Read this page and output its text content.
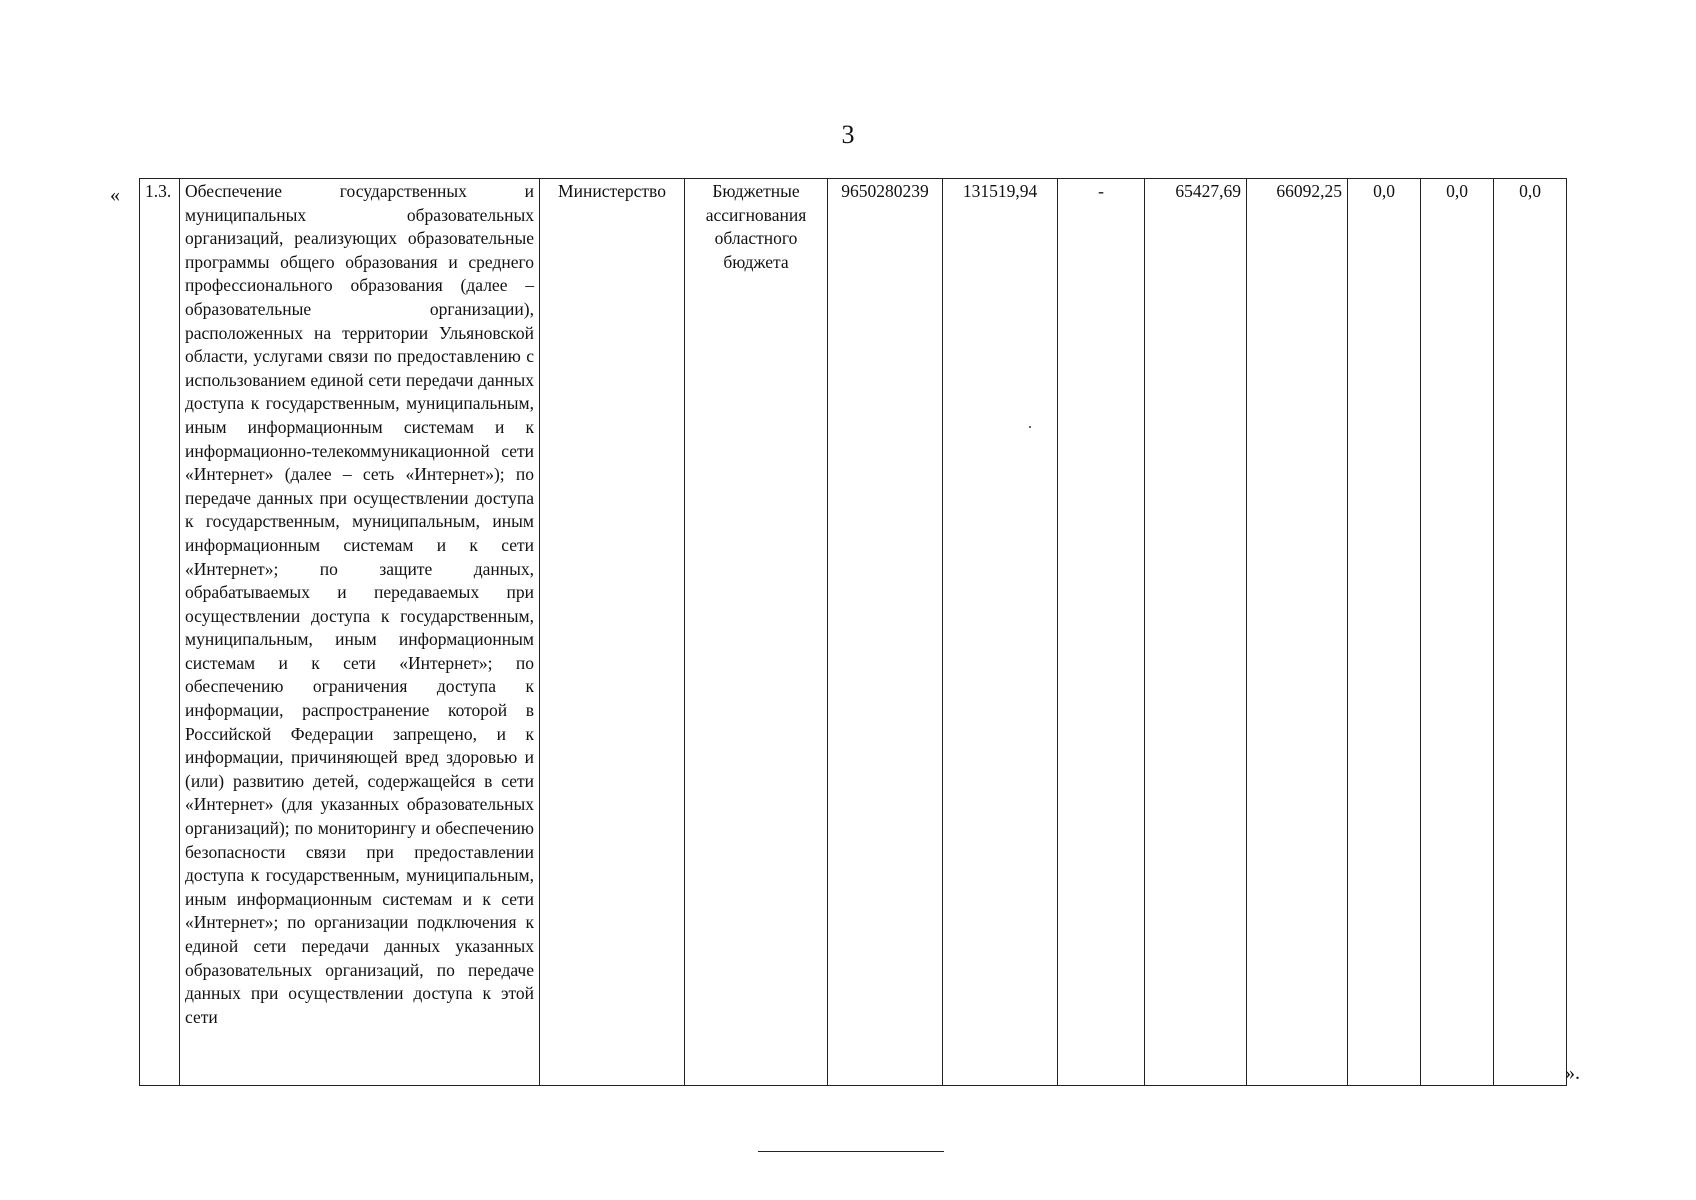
3
« 1.3.	Обеспечение государственных и муниципальных образовательных организаций, реализующих образовательные программы общего образования и среднего профессионального образования (далее – образовательные организации), расположенных на территории Ульяновской области, услугами связи по предоставлению с использованием единой сети передачи данных доступа к государственным, муниципальным, иным информационным системам и к информационно-телекоммуникационной сети «Интернет» (далее – сеть «Интернет»); по передаче данных при осуществлении доступа к государственным, муниципальным, иным информационным системам и к сети «Интернет»; по защите данных, обрабатываемых и передаваемых при осуществлении доступа к государственным, муниципальным, иным информационным системам и к сети «Интернет»; по обеспечению ограничения доступа к информации, распространение которой в Российской Федерации запрещено, и к информации, причиняющей вред здоровью и (или) развитию детей, содержащейся в сети «Интернет» (для указанных образовательных организаций); по мониторингу и обеспечению безопасности связи при предоставлении доступа к государственным, муниципальным, иным информационным системам и к сети «Интернет»; по организации подключения к единой сети передачи данных указанных образовательных организаций, по передаче данных при осуществлении доступа к этой сети	Министерство	Бюджетные ассигнования областного бюджета	9650280239	131519,94	-	65427,69	66092,25	0,0	0,0	0,0
».
